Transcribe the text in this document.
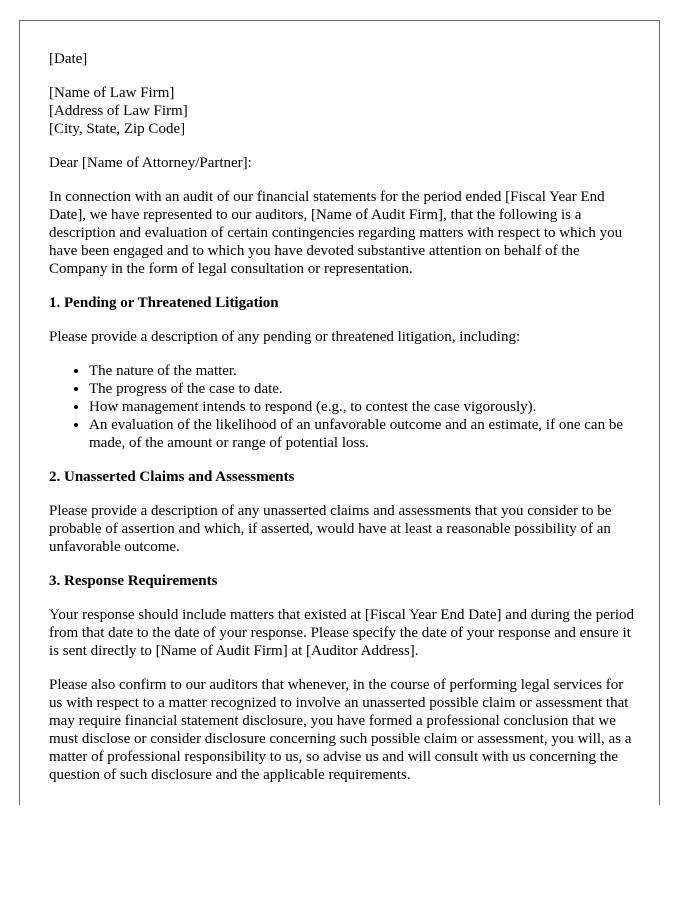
[Date]

[Name of Law Firm]
[Address of Law Firm]
[City, State, Zip Code]

Dear [Name of Attorney/Partner]:

In connection with an audit of our financial statements for the period ended [Fiscal Year End Date], we have represented to our auditors, [Name of Audit Firm], that the following is a description and evaluation of certain contingencies regarding matters with respect to which you have been engaged and to which you have devoted substantive attention on behalf of the Company in the form of legal consultation or representation.

1. Pending or Threatened Litigation

Please provide a description of any pending or threatened litigation, including:

• The nature of the matter.
• The progress of the case to date.
• How management intends to respond (e.g., to contest the case vigorously).
• An evaluation of the likelihood of an unfavorable outcome and an estimate, if one can be made, of the amount or range of potential loss.
2. Unasserted Claims and Assessments

Please provide a description of any unasserted claims and assessments that you consider to be probable of assertion and which, if asserted, would have at least a reasonable possibility of an unfavorable outcome.

3. Response Requirements

Your response should include matters that existed at [Fiscal Year End Date] and during the period from that date to the date of your response. Please specify the date of your response and ensure it is sent directly to [Name of Audit Firm] at [Auditor Address].

Please also confirm to our auditors that whenever, in the course of performing legal services for us with respect to a matter recognized to involve an unasserted possible claim or assessment that may require financial statement disclosure, you have formed a professional conclusion that we must disclose or consider disclosure concerning such possible claim or assessment, you will, as a matter of professional responsibility to us, so advise us and will consult with us concerning the question of such disclosure and the applicable requirements.
